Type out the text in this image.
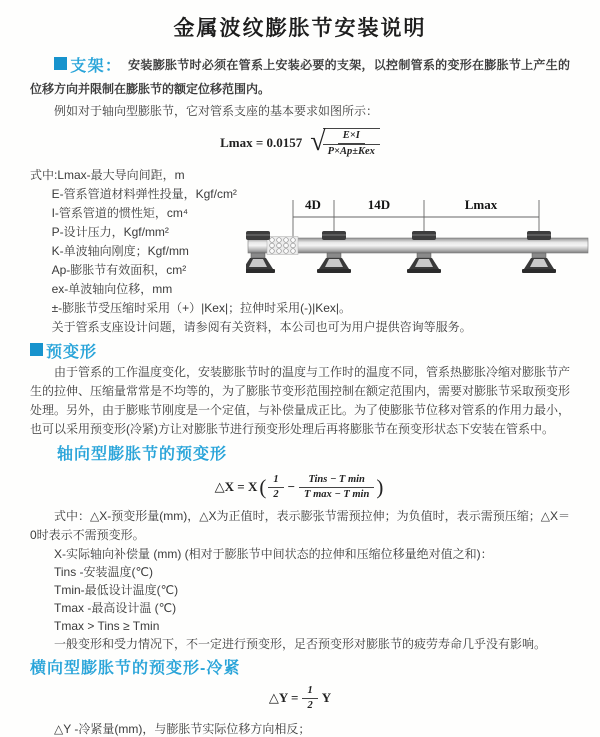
金属波纹膨胀节安装说明

支架： 安装膨胀节时必须在管系上安装必要的支架，以控制管系的变形在膨胀节上产生的位移方向并限制在膨胀节的额定位移范围内。

例如对于轴向型膨胀节，它对管系支座的基本要求如图所示：

Lmax = 0.0157 √
$\frac{E\times I}{\text{P×Ap±Kex}}$

式中:Lmax-最大导向间距，m

E-管系管道材料弹性投量，Kgf/cm²

I-管系管道的惯性矩，cm⁴

P-设计压力，Kgf/mm²

K-单波轴向刚度；Kgf/mm

Ap-膨胀节有效面积，cm²

ex-单波轴向位移，mm

±-膨胀节受压缩时采用（+）|Kex|；拉伸时采用(-)|Kex|。

关于管系支座设计问题，请参阅有关资料，本公司也可为用户提供咨询等服务。

预变形

由于管系的工作温度变化，安装膨胀节时的温度与工作时的温度不同，管系热膨胀冷缩对膨胀节产生的拉伸、压缩量常常是不均等的，为了膨胀节变形范围控制在额定范围内，需要对膨胀节采取预变形处理。另外，由于膨账节刚度是一个定值，与补偿量成正比。为了使膨胀节位移对管系的作用力最小，也可以采用预变形(冷紧)方让对膨胀节进行预变形处理后再将膨胀节在预变形状态下安装在管系中。

轴向型膨胀节的预变形
△X = X ( $\frac{1}{2} - \frac{\text{Tins − T min}}{\text{T max − T min}}$ )

式中：△X-预变形量(mm)，△X为正值时，表示膨张节需预拉伸；为负值时，表示需预压缩；△X＝0时表示不需预变形。

X-实际轴向补偿量 (mm) (相对于膨胀节中间状态的拉伸和压缩位移量绝对值之和)：

Tins -安装温度(℃)

Tmin-最低设计温度(℃)

Tmax -最高设计温 (℃)

Tmax > Tins ≥ Tmin

一般变形和受力情况下，不一定进行预变形，足否预变形对膨胀节的疲劳寿命几乎没有影响。

横向型膨胀节的预变形-冷紧
△Y = $\frac{1}{2}$ Y

△Y -冷紧量(mm)，与膨胀节实际位移方向相反；

4D	14D	Lmax
